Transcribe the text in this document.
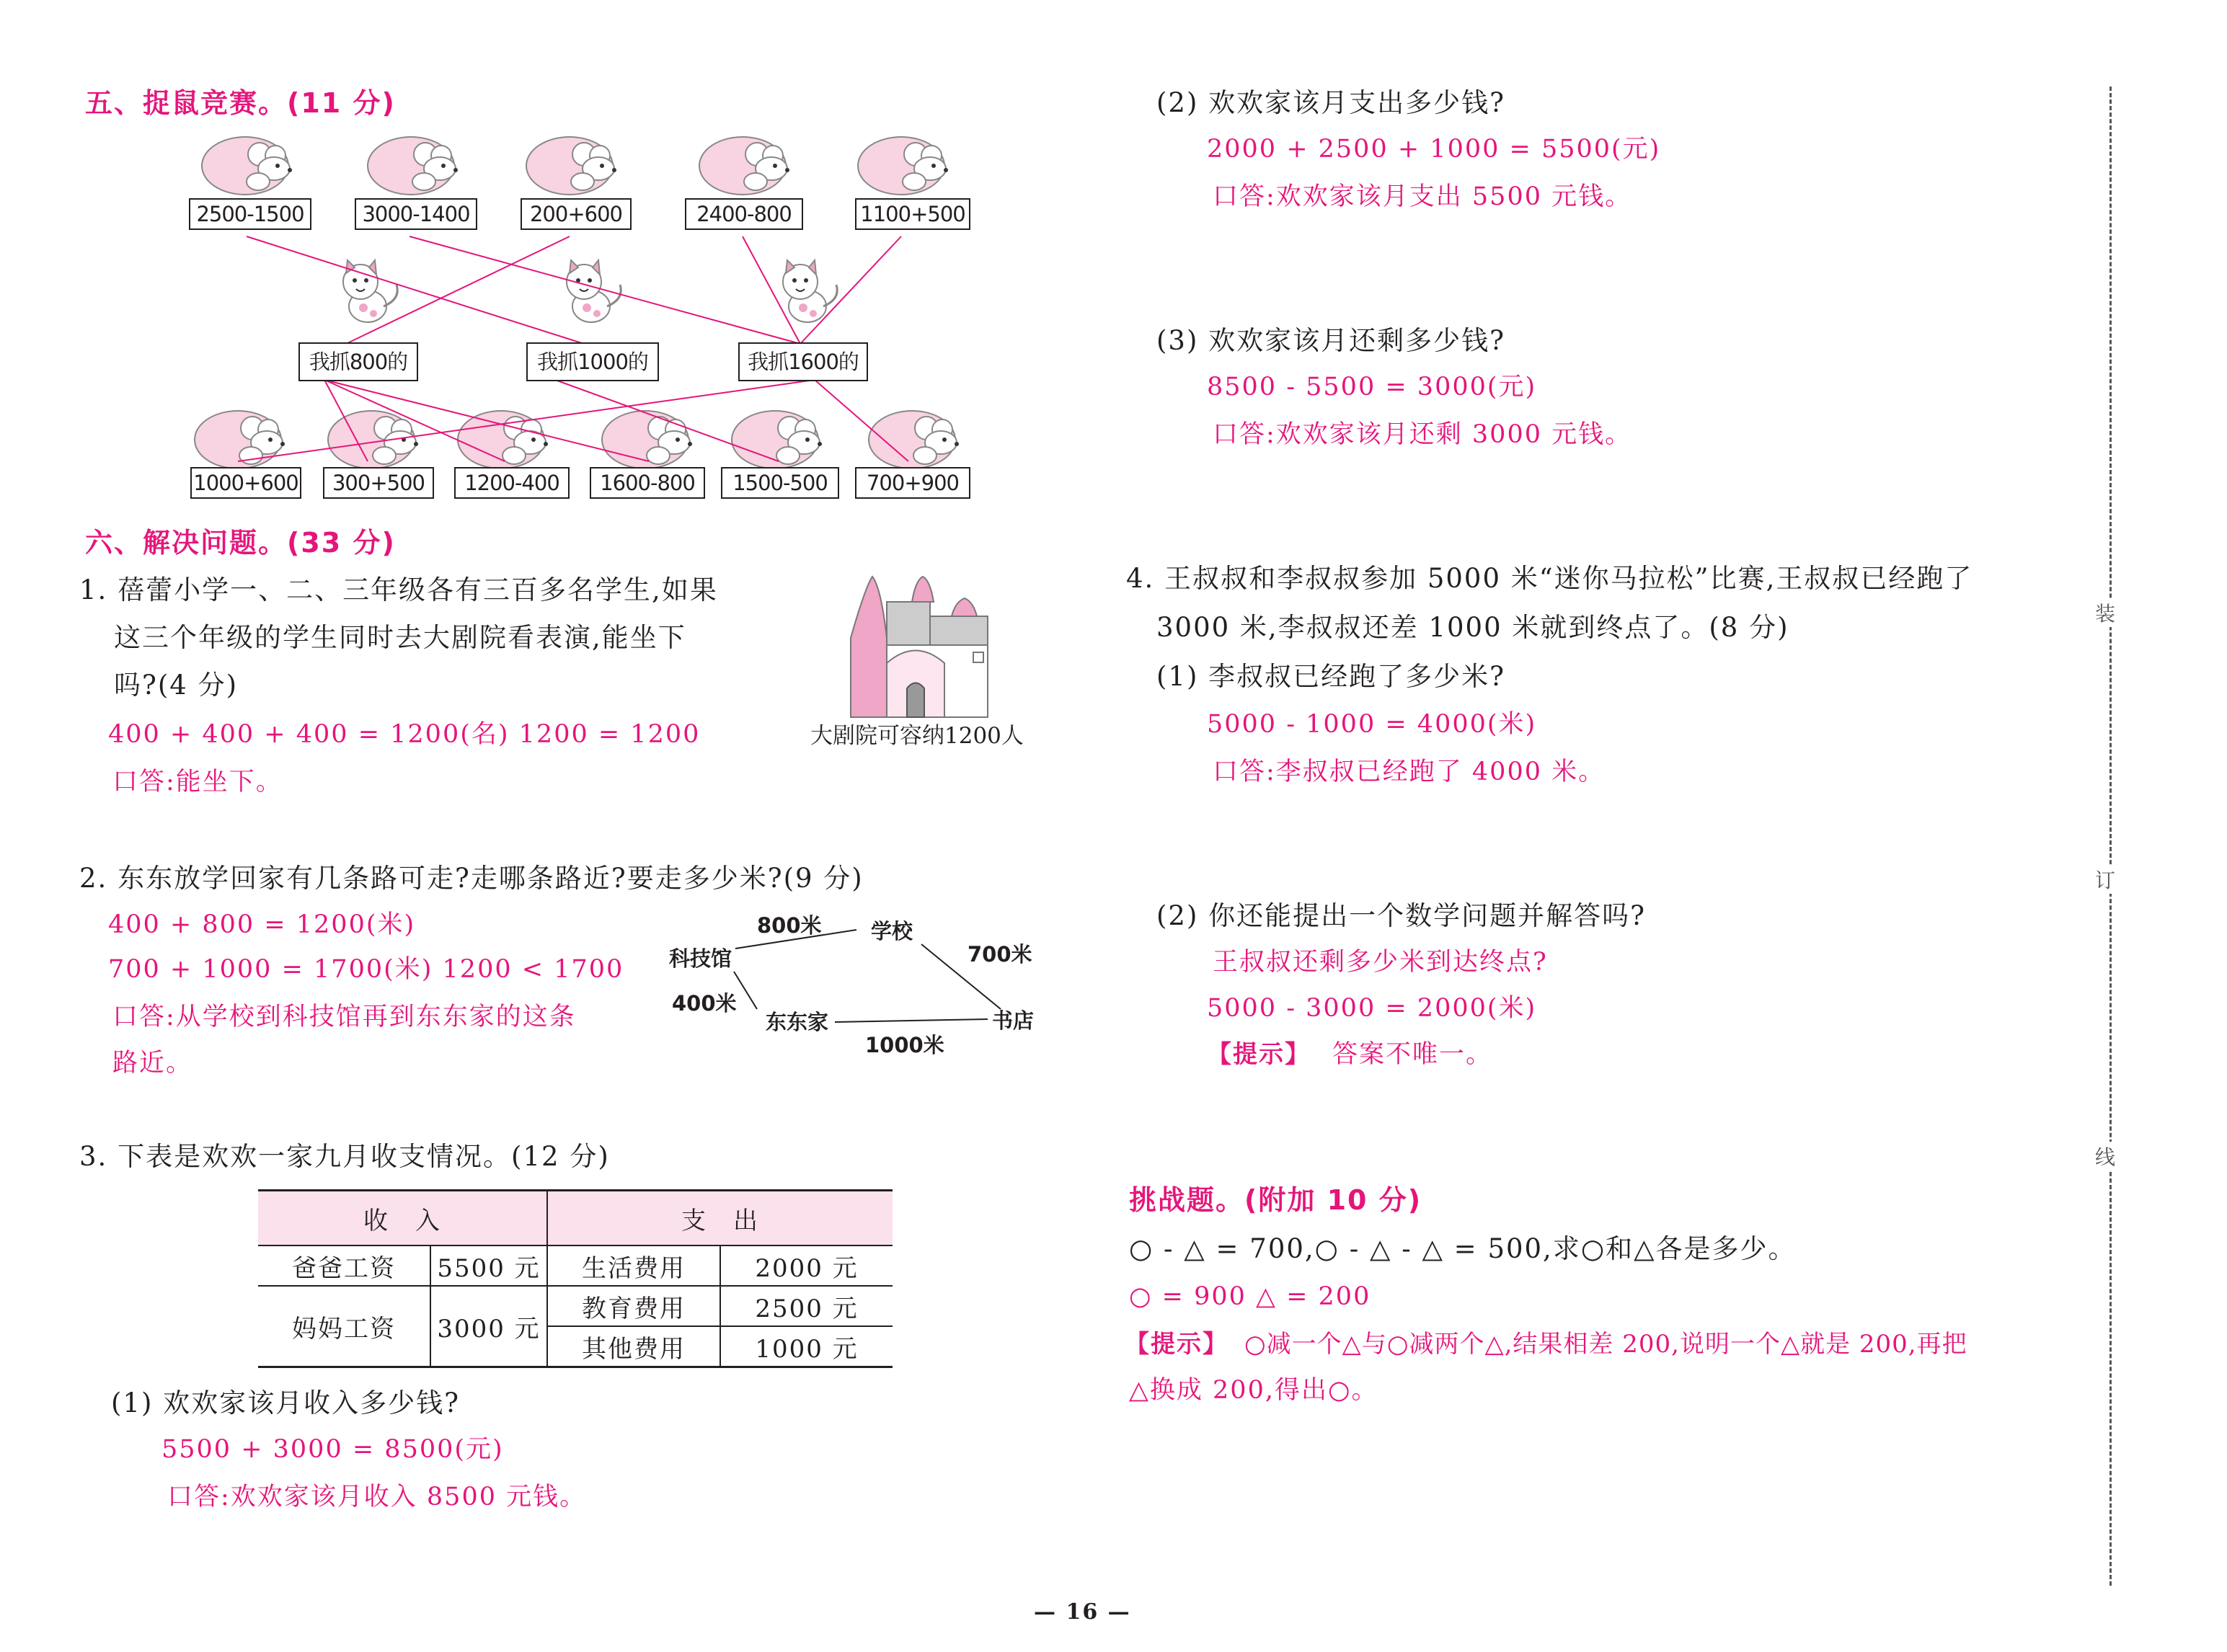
五、捉鼠竞赛。(11 分)
2500-1500	3000-1400	200+600	2400-800	1100+500
我抓800的	我抓1000的	我抓1600的
1000+600	300+500	1200-400	1600-800	1500-500	700+900
六、解决问题。(33 分)
1. 蓓蕾小学一、二、三年级各有三百多名学生,如果
这三个年级的学生同时去大剧院看表演,能坐下
吗?(4 分)
400 + 400 + 400 = 1200(名) 1200 = 1200
口答:能坐下。
大剧院可容纳1200人
2. 东东放学回家有几条路可走?走哪条路近?要走多少米?(9 分)
400 + 800 = 1200(米)
700 + 1000 = 1700(米) 1200 < 1700
口答:从学校到科技馆再到东东家的这条
路近。
学校
科技馆
东东家	书店
800米
700米
400米
1000米
3. 下表是欢欢一家九月收支情况。(12 分)
收　入		支　出	
爸爸工资	5500 元	生活费用	2000 元
妈妈工资	3000 元	教育费用	2500 元
		其他费用	1000 元
(1) 欢欢家该月收入多少钱?
5500 + 3000 = 8500(元)
口答:欢欢家该月收入 8500 元钱。
(2) 欢欢家该月支出多少钱?
2000 + 2500 + 1000 = 5500(元)
口答:欢欢家该月支出 5500 元钱。
(3) 欢欢家该月还剩多少钱?
8500 - 5500 = 3000(元)
口答:欢欢家该月还剩 3000 元钱。
4. 王叔叔和李叔叔参加 5000 米“迷你马拉松”比赛,王叔叔已经跑了
3000 米,李叔叔还差 1000 米就到终点了。(8 分)
(1) 李叔叔已经跑了多少米?
5000 - 1000 = 4000(米)
口答:李叔叔已经跑了 4000 米。
(2) 你还能提出一个数学问题并解答吗?
王叔叔还剩多少米到达终点?
5000 - 3000 = 2000(米)
【提示】 答案不唯一。
挑战题。(附加 10 分)
○ - △ = 700,○ - △ - △ = 500,求○和△各是多少。
○ = 900 △ = 200
【提示】 ○减一个△与○减两个△,结果相差 200,说明一个△就是 200,再把
△换成 200,得出○。
装
订
线
— 16 —
